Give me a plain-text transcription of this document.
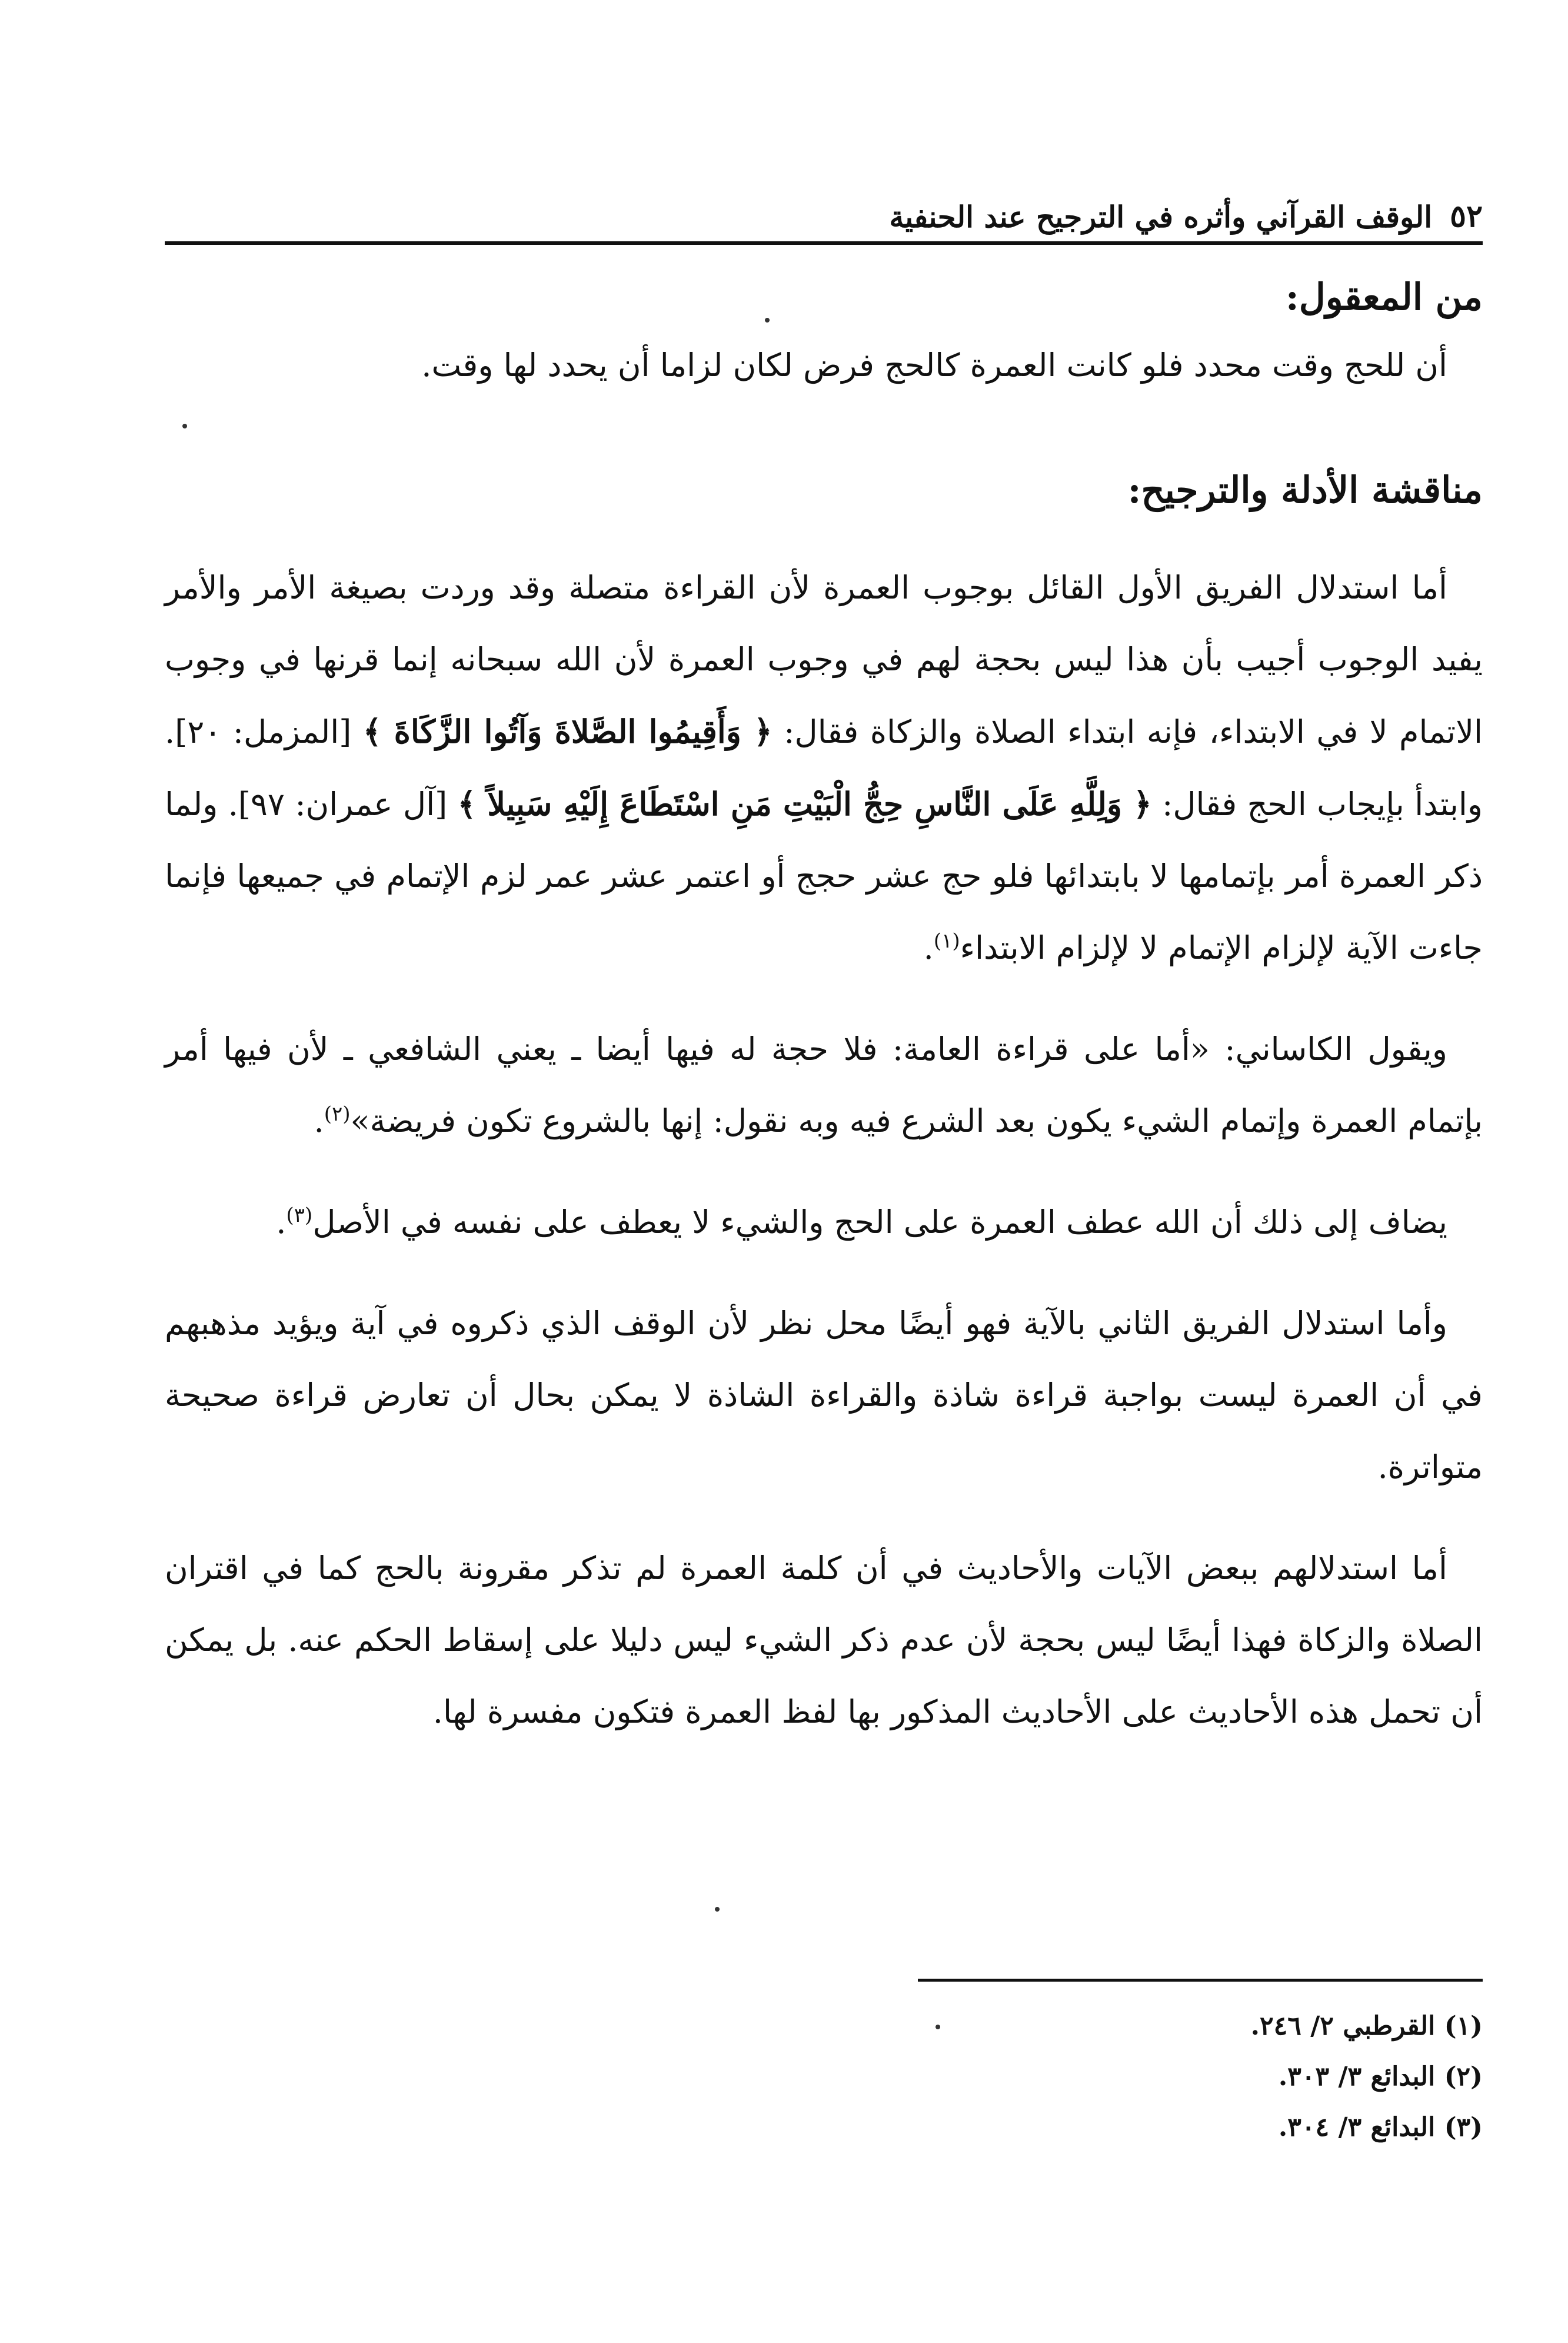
٥٢
الوقف القرآني وأثره في الترجيح عند الحنفية
من المعقول:

أن للحج وقت محدد فلو كانت العمرة كالحج فرض لكان لزاما أن يحدد لها وقت.

مناقشة الأدلة والترجيح:

أما استدلال الفريق الأول القائل بوجوب العمرة لأن القراءة متصلة وقد وردت بصيغة الأمر والأمر يفيد الوجوب أجيب بأن هذا ليس بحجة لهم في وجوب العمرة لأن الله سبحانه إنما قرنها في وجوب الاتمام لا في الابتداء، فإنه ابتداء الصلاة والزكاة فقال: ﴿ وَأَقِيمُوا الصَّلاةَ وَآتُوا الزَّكَاةَ ﴾ [المزمل: ٢٠]. وابتدأ بإيجاب الحج فقال: ﴿ وَلِلَّهِ عَلَى النَّاسِ حِجُّ الْبَيْتِ مَنِ اسْتَطَاعَ إِلَيْهِ سَبِيلاً ﴾ [آل عمران: ٩٧]. ولما ذكر العمرة أمر بإتمامها لا بابتدائها فلو حج عشر حجج أو اعتمر عشر عمر لزم الإتمام في جميعها فإنما جاءت الآية لإلزام الإتمام لا لإلزام الابتداء$^{(١)}$.

ويقول الكاساني: «أما على قراءة العامة: فلا حجة له فيها أيضا ـ يعني الشافعي ـ لأن فيها أمر بإتمام العمرة وإتمام الشيء يكون بعد الشرع فيه وبه نقول: إنها بالشروع تكون فريضة»$^{(٢)}$.

يضاف إلى ذلك أن الله عطف العمرة على الحج والشيء لا يعطف على نفسه في الأصل$^{(٣)}$.

وأما استدلال الفريق الثاني بالآية فهو أيضًا محل نظر لأن الوقف الذي ذكروه في آية ويؤيد مذهبهم في أن العمرة ليست بواجبة قراءة شاذة والقراءة الشاذة لا يمكن بحال أن تعارض قراءة صحيحة متواترة.

أما استدلالهم ببعض الآيات والأحاديث في أن كلمة العمرة لم تذكر مقرونة بالحج كما في اقتران الصلاة والزكاة فهذا أيضًا ليس بحجة لأن عدم ذكر الشيء ليس دليلا على إسقاط الحكم عنه. بل يمكن أن تحمل هذه الأحاديث على الأحاديث المذكور بها لفظ العمرة فتكون مفسرة لها.

(١) القرطبي ٢/ ٢٤٦.

(٢) البدائع ٣/ ٣٠٣.

(٣) البدائع ٣/ ٣٠٤.
